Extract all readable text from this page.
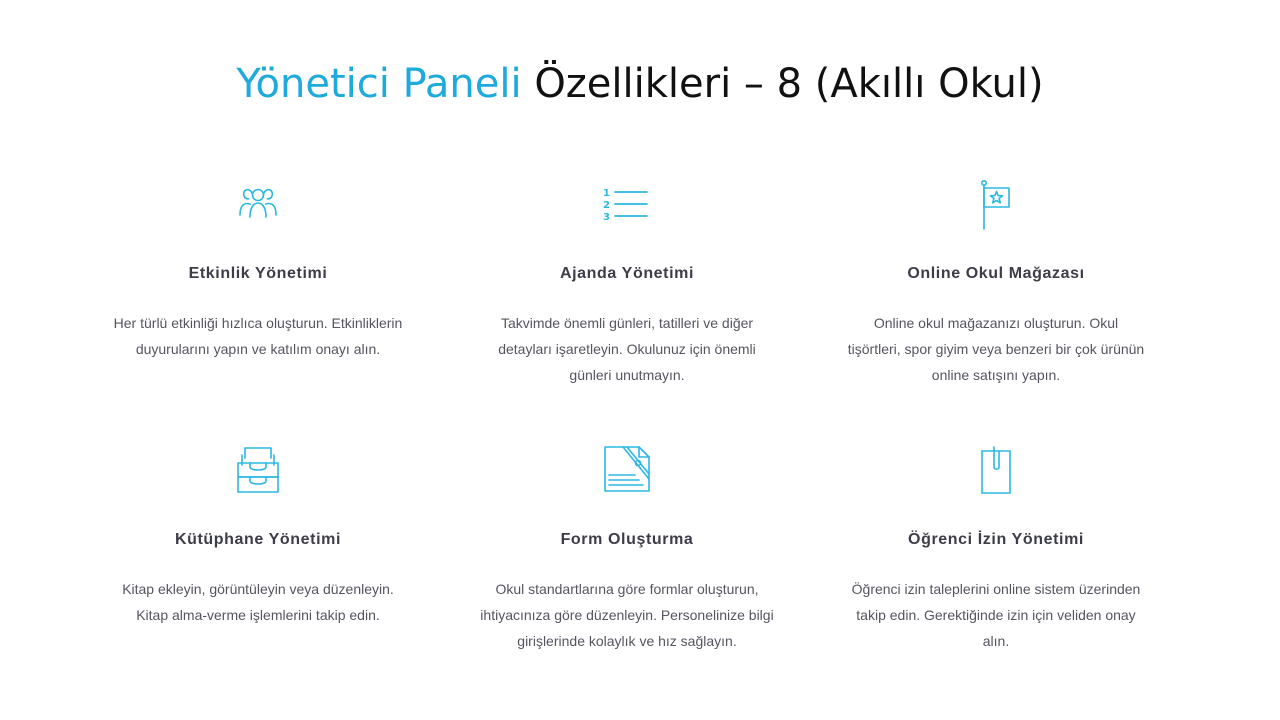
Yönetici Paneli Özellikleri – 8 (Akıllı Okul)
Etkinlik Yönetimi
Her türlü etkinliği hızlıca oluşturun. Etkinliklerin
duyurularını yapın ve katılım onayı alın.
1
2
3
Ajanda Yönetimi
Takvimde önemli günleri, tatilleri ve diğer
detayları işaretleyin. Okulunuz için önemli
günleri unutmayın.
Online Okul Mağazası
Online okul mağazanızı oluşturun. Okul
tişörtleri, spor giyim veya benzeri bir çok ürünün
online satışını yapın.
Kütüphane Yönetimi
Kitap ekleyin, görüntüleyin veya düzenleyin.
Kitap alma-verme işlemlerini takip edin.
Form Oluşturma
Okul standartlarına göre formlar oluşturun,
ihtiyacınıza göre düzenleyin. Personelinize bilgi
girişlerinde kolaylık ve hız sağlayın.
Öğrenci İzin Yönetimi
Öğrenci izin taleplerini online sistem üzerinden
takip edin. Gerektiğinde izin için veliden onay
alın.
